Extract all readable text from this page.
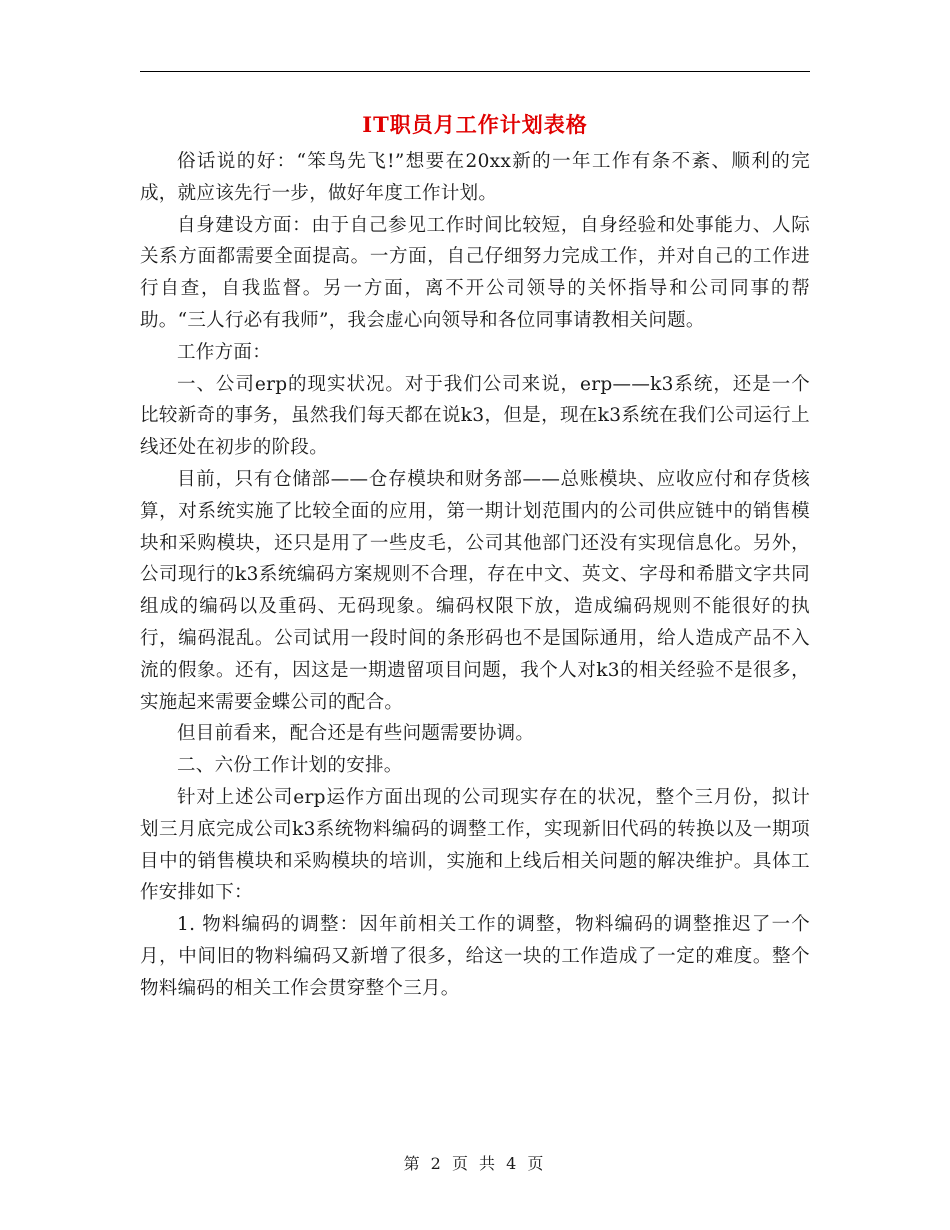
IT职员月工作计划表格

俗话说的好：“笨鸟先飞!”想要在20xx新的一年工作有条不紊、顺利的完成，就应该先行一步，做好年度工作计划。

自身建设方面：由于自己参见工作时间比较短，自身经验和处事能力、人际关系方面都需要全面提高。一方面，自己仔细努力完成工作，并对自己的工作进行自查，自我监督。另一方面，离不开公司领导的关怀指导和公司同事的帮助。“三人行必有我师”，我会虚心向领导和各位同事请教相关问题。

工作方面：

一、公司erp的现实状况。对于我们公司来说，erp——k3系统，还是一个比较新奇的事务，虽然我们每天都在说k3，但是，现在k3系统在我们公司运行上线还处在初步的阶段。

目前，只有仓储部——仓存模块和财务部——总账模块、应收应付和存货核算，对系统实施了比较全面的应用，第一期计划范围内的公司供应链中的销售模块和采购模块，还只是用了一些皮毛，公司其他部门还没有实现信息化。另外，公司现行的k3系统编码方案规则不合理，存在中文、英文、字母和希腊文字共同组成的编码以及重码、无码现象。编码权限下放，造成编码规则不能很好的执行，编码混乱。公司试用一段时间的条形码也不是国际通用，给人造成产品不入流的假象。还有，因这是一期遗留项目问题，我个人对k3的相关经验不是很多，实施起来需要金蝶公司的配合。

但目前看来，配合还是有些问题需要协调。

二、六份工作计划的安排。

针对上述公司erp运作方面出现的公司现实存在的状况，整个三月份，拟计划三月底完成公司k3系统物料编码的调整工作，实现新旧代码的转换以及一期项目中的销售模块和采购模块的培训，实施和上线后相关问题的解决维护。具体工作安排如下：

1. 物料编码的调整：因年前相关工作的调整，物料编码的调整推迟了一个月，中间旧的物料编码又新增了很多，给这一块的工作造成了一定的难度。整个物料编码的相关工作会贯穿整个三月。

第 2 页 共 4 页
